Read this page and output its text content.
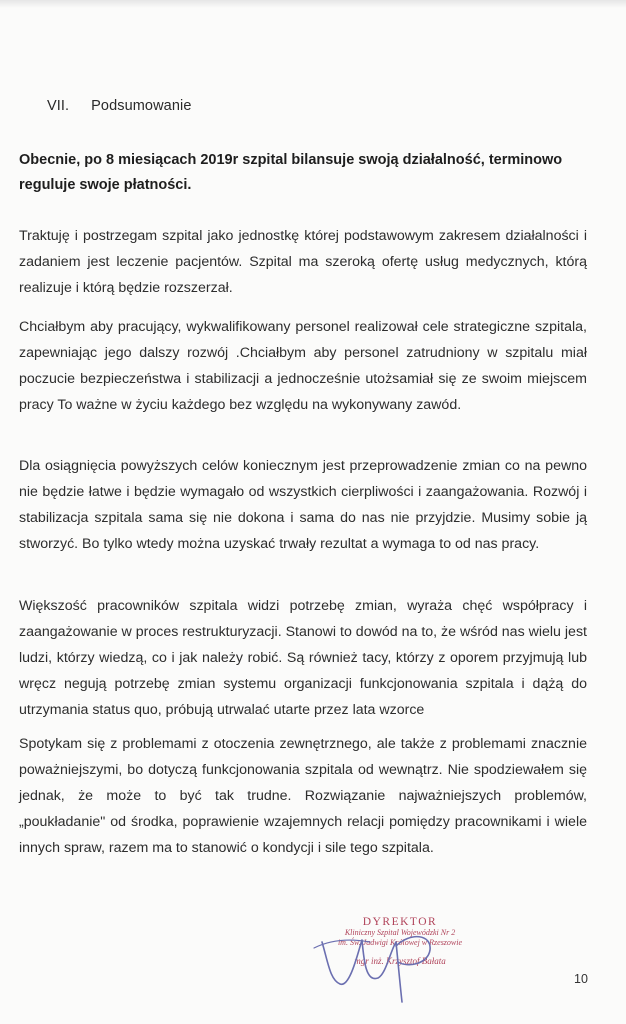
VII. Podsumowanie
Obecnie, po 8 miesiącach 2019r szpital bilansuje swoją działalność, terminowo reguluje swoje płatności.
Traktuję i postrzegam szpital jako jednostkę której podstawowym zakresem działalności i zadaniem jest leczenie pacjentów. Szpital ma szeroką ofertę usług medycznych, którą realizuje i którą będzie rozszerzał.
Chciałbym aby pracujący, wykwalifikowany personel realizował cele strategiczne szpitala, zapewniając jego dalszy rozwój .Chciałbym aby personel zatrudniony w szpitalu miał poczucie bezpieczeństwa i stabilizacji a jednocześnie utożsamiał się ze swoim miejscem pracy To ważne w życiu każdego bez względu na wykonywany zawód.
Dla osiągnięcia powyższych celów koniecznym jest przeprowadzenie zmian co na pewno nie będzie łatwe i będzie wymagało od wszystkich cierpliwości i zaangażowania. Rozwój i stabilizacja szpitala sama się nie dokona i sama do nas nie przyjdzie. Musimy sobie ją stworzyć. Bo tylko wtedy można uzyskać trwały rezultat a wymaga to od nas pracy.
Większość pracowników szpitala widzi potrzebę zmian, wyraża chęć współpracy i zaangażowanie w proces restrukturyzacji. Stanowi to dowód na to, że wśród nas wielu jest ludzi, którzy wiedzą, co i jak należy robić. Są również tacy, którzy z oporem przyjmują lub wręcz negują potrzebę zmian systemu organizacji funkcjonowania szpitala i dążą do utrzymania status quo, próbują utrwalać utarte przez lata wzorce
Spotykam się z problemami z otoczenia zewnętrznego, ale także z problemami znacznie poważniejszymi, bo dotyczą funkcjonowania szpitala od wewnątrz. Nie spodziewałem się jednak, że może to być tak trudne. Rozwiązanie najważniejszych problemów, „poukładanie" od środka, poprawienie wzajemnych relacji pomiędzy pracownikami i wiele innych spraw, razem ma to stanowić o kondycji i sile tego szpitala.
DYREKTOR
Kliniczny Szpital Wojewódzki Nr 2
im. Św. Jadwigi Królowej w Rzeszowie
mgr inż. Krzysztof Bałata
10
